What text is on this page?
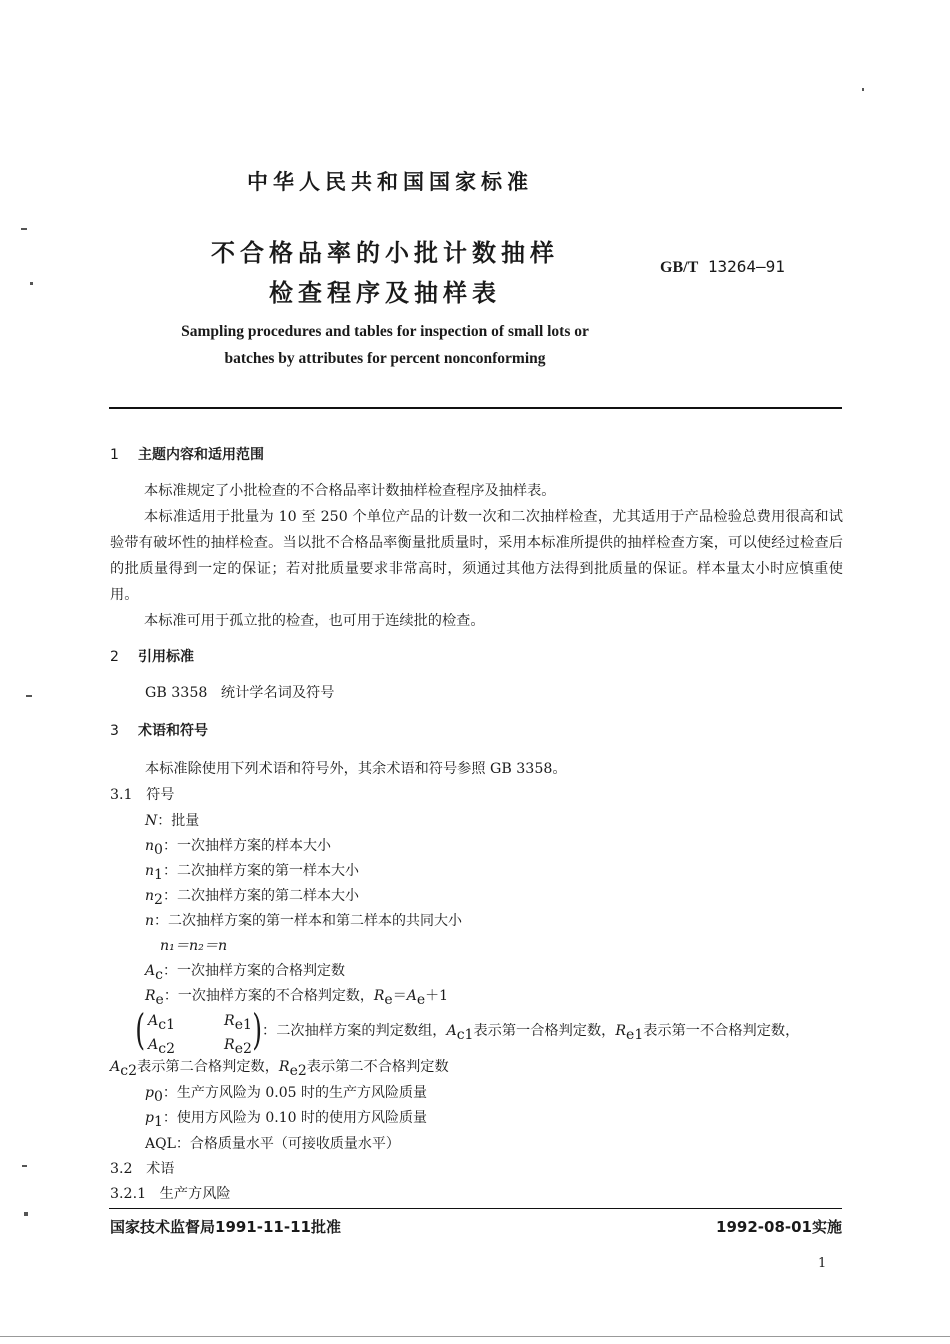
中华人民共和国国家标准
不合格品率的小批计数抽样
检查程序及抽样表
GB/T 13264—91
Sampling procedures and tables for inspection of small lots or
batches by attributes for percent nonconforming
1 主题内容和适用范围

本标准规定了小批检查的不合格品率计数抽样检查程序及抽样表。

本标准适用于批量为 10 至 250 个单位产品的计数一次和二次抽样检查，尤其适用于产品检验总费用很高和试验带有破坏性的抽样检查。当以批不合格品率衡量批质量时，采用本标准所提供的抽样检查方案，可以使经过检查后的批质量得到一定的保证；若对批质量要求非常高时，须通过其他方法得到批质量的保证。样本量太小时应慎重使用。

本标准可用于孤立批的检查，也可用于连续批的检查。

2 引用标准
GB 3358 统计学名词及符号
3 术语和符号
本标准除使用下列术语和符号外，其余术语和符号参照 GB 3358。
3.1 符号
N：批量
$n_0$：一次抽样方案的样本大小
$n_1$：二次抽样方案的第一样本大小
$n_2$：二次抽样方案的第二样本大小
n：二次抽样方案的第一样本和第二样本的共同大小
n₁＝n₂＝n
$A_c$：一次抽样方案的合格判定数
$R_e$：一次抽样方案的不合格判定数，$R_e=A_e+1$
(	)
$A_{c1}$	$R_{e1}$
$A_{c2}$	$R_{e2}$
：二次抽样方案的判定数组，$A_{c1}$表示第一合格判定数，$R_{e1}$表示第一不合格判定数，
$A_{c2}$表示第二合格判定数，$R_{e2}$表示第二不合格判定数
$p_0$：生产方风险为 0.05 时的生产方风险质量
$p_1$：使用方风险为 0.10 时的使用方风险质量
AQL：合格质量水平（可接收质量水平）
3.2 术语
3.2.1 生产方风险
国家技术监督局1991-11-11批准	1992-08-01实施
1
